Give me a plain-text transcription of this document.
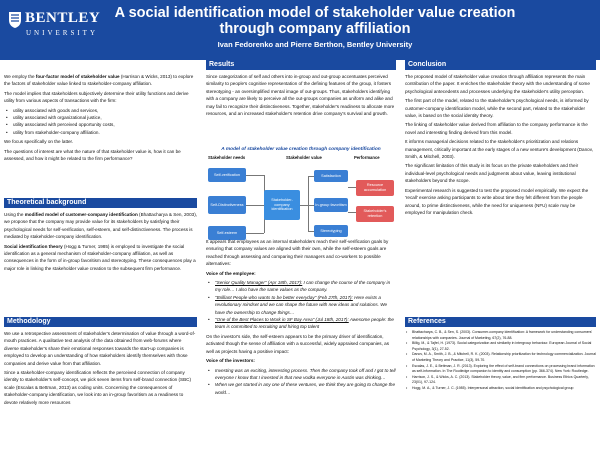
BENTLEY
UNIVERSITY
A social identification model of stakeholder value creation through company affiliation
Ivan Fedorenko and Pierre Berthon, Bentley University

We employ the four-factor model of stakeholder value (Harrison & Wicks, 2013) to explore the factors of stakeholder value linked to stakeholder-company affiliation.

The model implies that stakeholders subjectively determine their utility functions and derive utility from various aspects of transactions with the firm:

• utility associated with goods and services,
• utility associated with organizational justice,
• utility associated with perceived opportunity costs,
• utility from stakeholder-company affiliation.

We focus specifically on the latter.

The questions of interest are what the nature of that stakeholder value is, how it can be assessed, and how it might be related to the firm performance?

Theoretical background

Using the modified model of customer-company identification (Bhattacharya & Sen, 2003), we propose that the company may provide value for its stakeholders by satisfying their psychological needs for self-verification, self-esteem, and self-distinctiveness. The process is mediated by stakeholder-company identification.

Social identification theory (Hogg & Turner, 1985) is employed to investigate the social identification as a general mechanism of stakeholder-company affiliation, as well as consequences in the form of in-group favoritism and stereotyping. These consequences play a major role in linking the stakeholder value creation to the subsequent firm performance.

Methodology

We use a retrospective assessment of stakeholder's determination of value through a word-of-mouth practices. A qualitative text analysis of the data obtained from web-forums where diverse stakeholder's share their emotional responses towards the start-up companies is employed to develop an understanding of how stakeholders identify themselves with those companies and derive value from that affiliation.

Since a stakeholder-company identification reflects the perceived connection of company identity to stakeholder's self-concept, we pick seven items from self-brand connection (SBC) scale (Escalas & Bettman, 2013) as coding units. Concerning the consequences of stakeholder-company identification, we look into an in-group favoritism as a readiness to devote relatively more resources

Results
Since categorization of self and others into in-group and out-group accentuates perceived similarity to people's cognitive representation of the defining features of the group, it fosters stereotyping - an oversimplified mental image of out-groups. Thus, stakeholders identifying with a company are likely to perceive all the out-groups companies as uniform and alike and may fail to recognize their distinctiveness. Together, stakeholder's readiness to allocate more resources, and an increased stakeholder's retention drive company's survival and growth.
A model of stakeholder value creation through company identification
Stakeholder needs	Stakeholder value	Performance
Self-verification
Self-Distinctiveness
Self-esteem
Stakeholder-company identification
Satisfaction
In-group favoritism
Stereotyping
Resource accumulation
Stakeholder's retention

It appears that employees as an internal stakeholders reach their self-verification goals by ensuring that company values are aligned with their own, while the self-esteem goals are reached through assessing and comparing their managers and co-workers to possible alternatives:

Voice of the employee:

• "Senior Quality Manager" (Apr 18th, 2017): I can change the course of the company in my role… I also have the same values as the company.
• "Brilliant People who wants to be better everyday" (Feb 27th, 2017): Here exists a revolutionary mindset and we can shape the future with new ideas and solutions. We have the ownership to change things…
• "One of the Best Places to Work in SF Bay Area" (Jul 18th, 2017): Awesome people: the team is committed to recruiting and hiring top talent

On the investor's side, the self-esteem appears to be the primary driver of identification, activated though the sense of affiliation with a successful, widely appraised companies, as well as projects having a positive impact:

Voice of the investors:

• Investing was an exciting, interesting process. Then the company took off and I got to tell everyone I know that I invested in that new vodka everyone in Austin was drinking…
• When we get started in any one of these ventures, we think they are going to change the world…
Conclusion

The proposed model of stakeholder value creation through affiliation represents the main contribution of the paper. It enriches the stakeholder theory with the understanding of some psychological antecedents and processes underlying the stakeholder's utility perception.

The first part of the model, related to the stakeholder's psychological needs, is informed by customer-company identification model, while the second part, related to the stakeholder value, is based on the social identity theory.

The linking of stakeholder value derived from affiliation to the company performance is the novel and interesting finding derived from this model.

It informs managerial decisions related to the stakeholder's prioritization and relations management, critically important at the early stages of a new venture's development (Danov, Smith, & Mitchell, 2003).

The significant limitation of this study is its focus on the private stakeholders and their individual-level psychological needs and judgments about value, leaving institutional stakeholders beyond the scope.

Experimental research is suggested to test the proposed model empirically. We expect the 'recall' exercise asking participants to write about time they felt different from the people around, to prime distinctiveness, while the need for uniqueness (NFU) scale may be employed for manipulation check.

References
• Bhattacharya, C. B., & Sen, S. (2003). Consumer-company identification: A framework for understanding consumers' relationships with companies. Journal of Marketing, 67(2), 76-88.
• Billig, M., & Tajfel, H. (1973). Social categorization and similarity in intergroup behaviour. European Journal of Social Psychology, 3(1), 27-52.
• Danov, M. A., Smith, J. B., & Mitchell, R. K. (2003). Relationship prioritization for technology commercialization. Journal of Marketing Theory and Practice, 11(3), 59-70.
• Escalas, J. E., & Bettman, J. R. (2013). Exploring the effect of self-brand connections on processing brand information as self-information. In The Routledge companion to identity and consumption (pp. 366-374). New York: Routledge.
• Harrison, J. S., & Wicks, A. C. (2013). Stakeholder theory, value, and firm performance. Business Ethics Quarterly, 23(01), 97-124.
• Hogg, M. A., & Turner, J. C. (1985). Interpersonal attraction, social identification and psychological group
